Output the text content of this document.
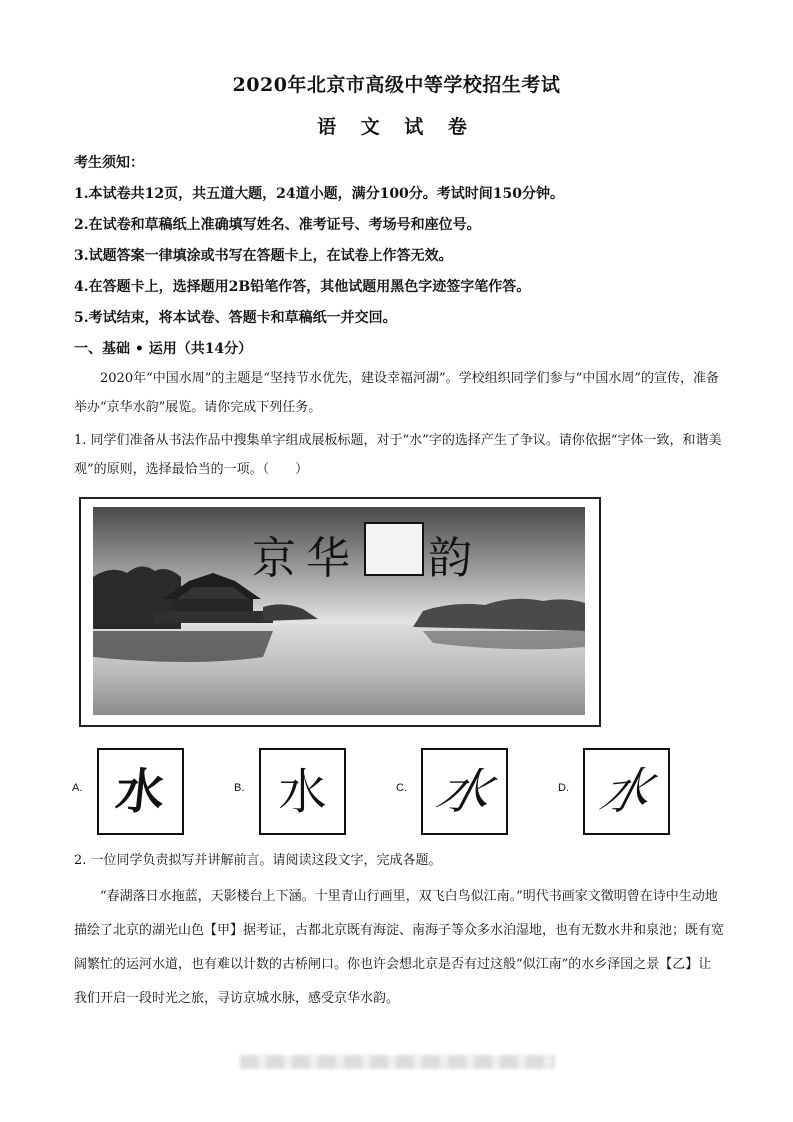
2020年北京市高级中等学校招生考试
语 文 试 卷
考生须知：
1.本试卷共12页，共五道大题，24道小题，满分100分。考试时间150分钟。
2.在试卷和草稿纸上准确填写姓名、准考证号、考场号和座位号。
3.试题答案一律填涂或书写在答题卡上，在试卷上作答无效。
4.在答题卡上，选择题用2B铅笔作答，其他试题用黑色字迹签字笔作答。
5.考试结束，将本试卷、答题卡和草稿纸一并交回。
一、基础 • 运用（共14分）
2020年“中国水周”的主题是“坚持节水优先，建设幸福河湖”。学校组织同学们参与“中国水周”的宣传，准备举办“京华水韵”展览。请你完成下列任务。
1. 同学们准备从书法作品中搜集单字组成展板标题，对于“水”字的选择产生了争议。请你依据“字体一致，和谐美观”的原则，选择最恰当的一项。（　　）
京 华 韵
A. 水	B. 水	C. 水	D. 水
2. 一位同学负责拟写并讲解前言。请阅读这段文字，完成各题。
“春湖落日水拖蓝，天影楼台上下涵。十里青山行画里，双飞白鸟似江南。”明代书画家文徵明曾在诗中生动地描绘了北京的湖光山色【甲】据考证，古都北京既有海淀、南海子等众多水泊湿地，也有无数水井和泉池；既有宽阔繁忙的运河水道，也有难以计数的古桥闸口。你也许会想北京是否有过这般“似江南”的水乡泽国之景【乙】让我们开启一段时光之旅，寻访京城水脉，感受京华水韵。
